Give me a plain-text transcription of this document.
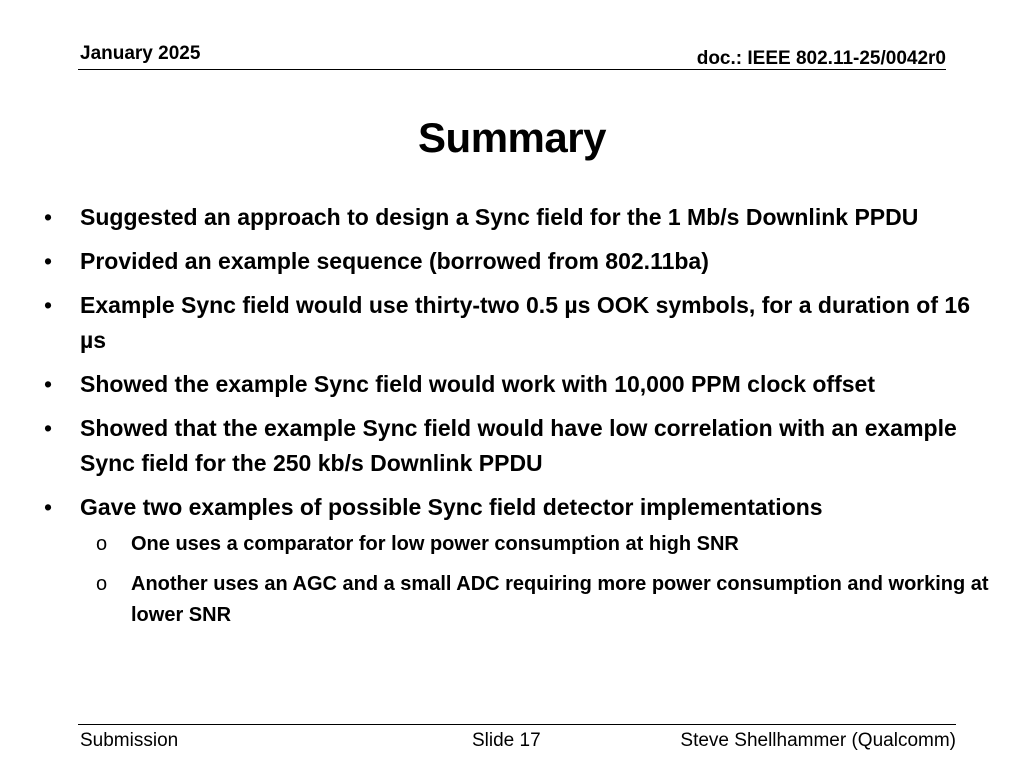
January 2025	doc.: IEEE 802.11-25/0042r0
Summary
• Suggested an approach to design a Sync field for the 1 Mb/s Downlink PPDU
• Provided an example sequence (borrowed from 802.11ba)
• Example Sync field would use thirty-two 0.5 µs OOK symbols, for a duration of 16 µs
• Showed the example Sync field would work with 10,000 PPM clock offset
• Showed that the example Sync field would have low correlation with an example Sync field for the 250 kb/s Downlink PPDU
• Gave two examples of possible Sync field detector implementations
o One uses a comparator for low power consumption at high SNR
o Another uses an AGC and a small ADC requiring more power consumption and working at lower SNR
Submission	Slide 17	Steve Shellhammer (Qualcomm)
